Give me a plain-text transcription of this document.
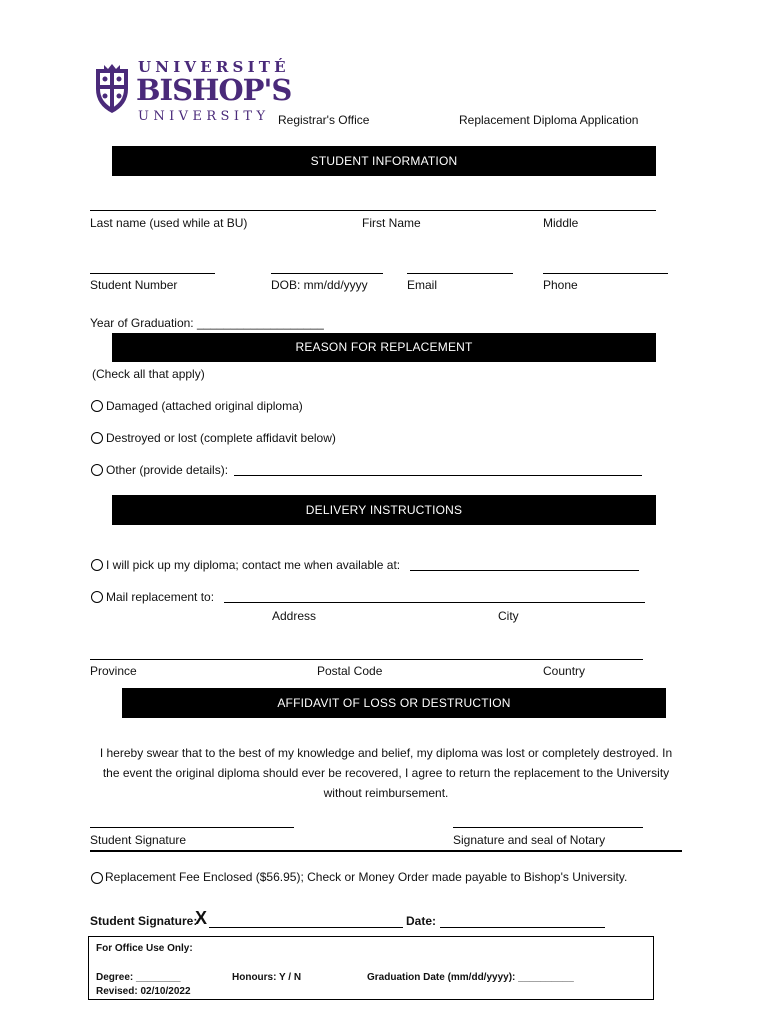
UNIVERSITÉ
BISHOP'S
UNIVERSITY Registrar's Office	Replacement Diploma Application
STUDENT INFORMATION
Last name (used while at BU)	First Name	Middle
Student Number	DOB: mm/dd/yyyy	Email	Phone
Year of Graduation: ___________________
REASON FOR REPLACEMENT
(Check all that apply)
Damaged (attached original diploma)
Destroyed or lost (complete affidavit below)
Other (provide details):
DELIVERY INSTRUCTIONS
I will pick up my diploma; contact me when available at:
Mail replacement to:
Address	City
Province	Postal Code	Country
AFFIDAVIT OF LOSS OR DESTRUCTION
I hereby swear that to the best of my knowledge and belief, my diploma was lost or completely destroyed. In
the event the original diploma should ever be recovered, I agree to return the replacement to the University
without reimbursement.
Student Signature	Signature and seal of Notary
Replacement Fee Enclosed ($56.95); Check or Money Order made payable to Bishop's University.
Student Signature:
X	Date:
For Office Use Only:
Degree: ________	Honours: Y / N	Graduation Date (mm/dd/yyyy): __________
Revised: 02/10/2022
